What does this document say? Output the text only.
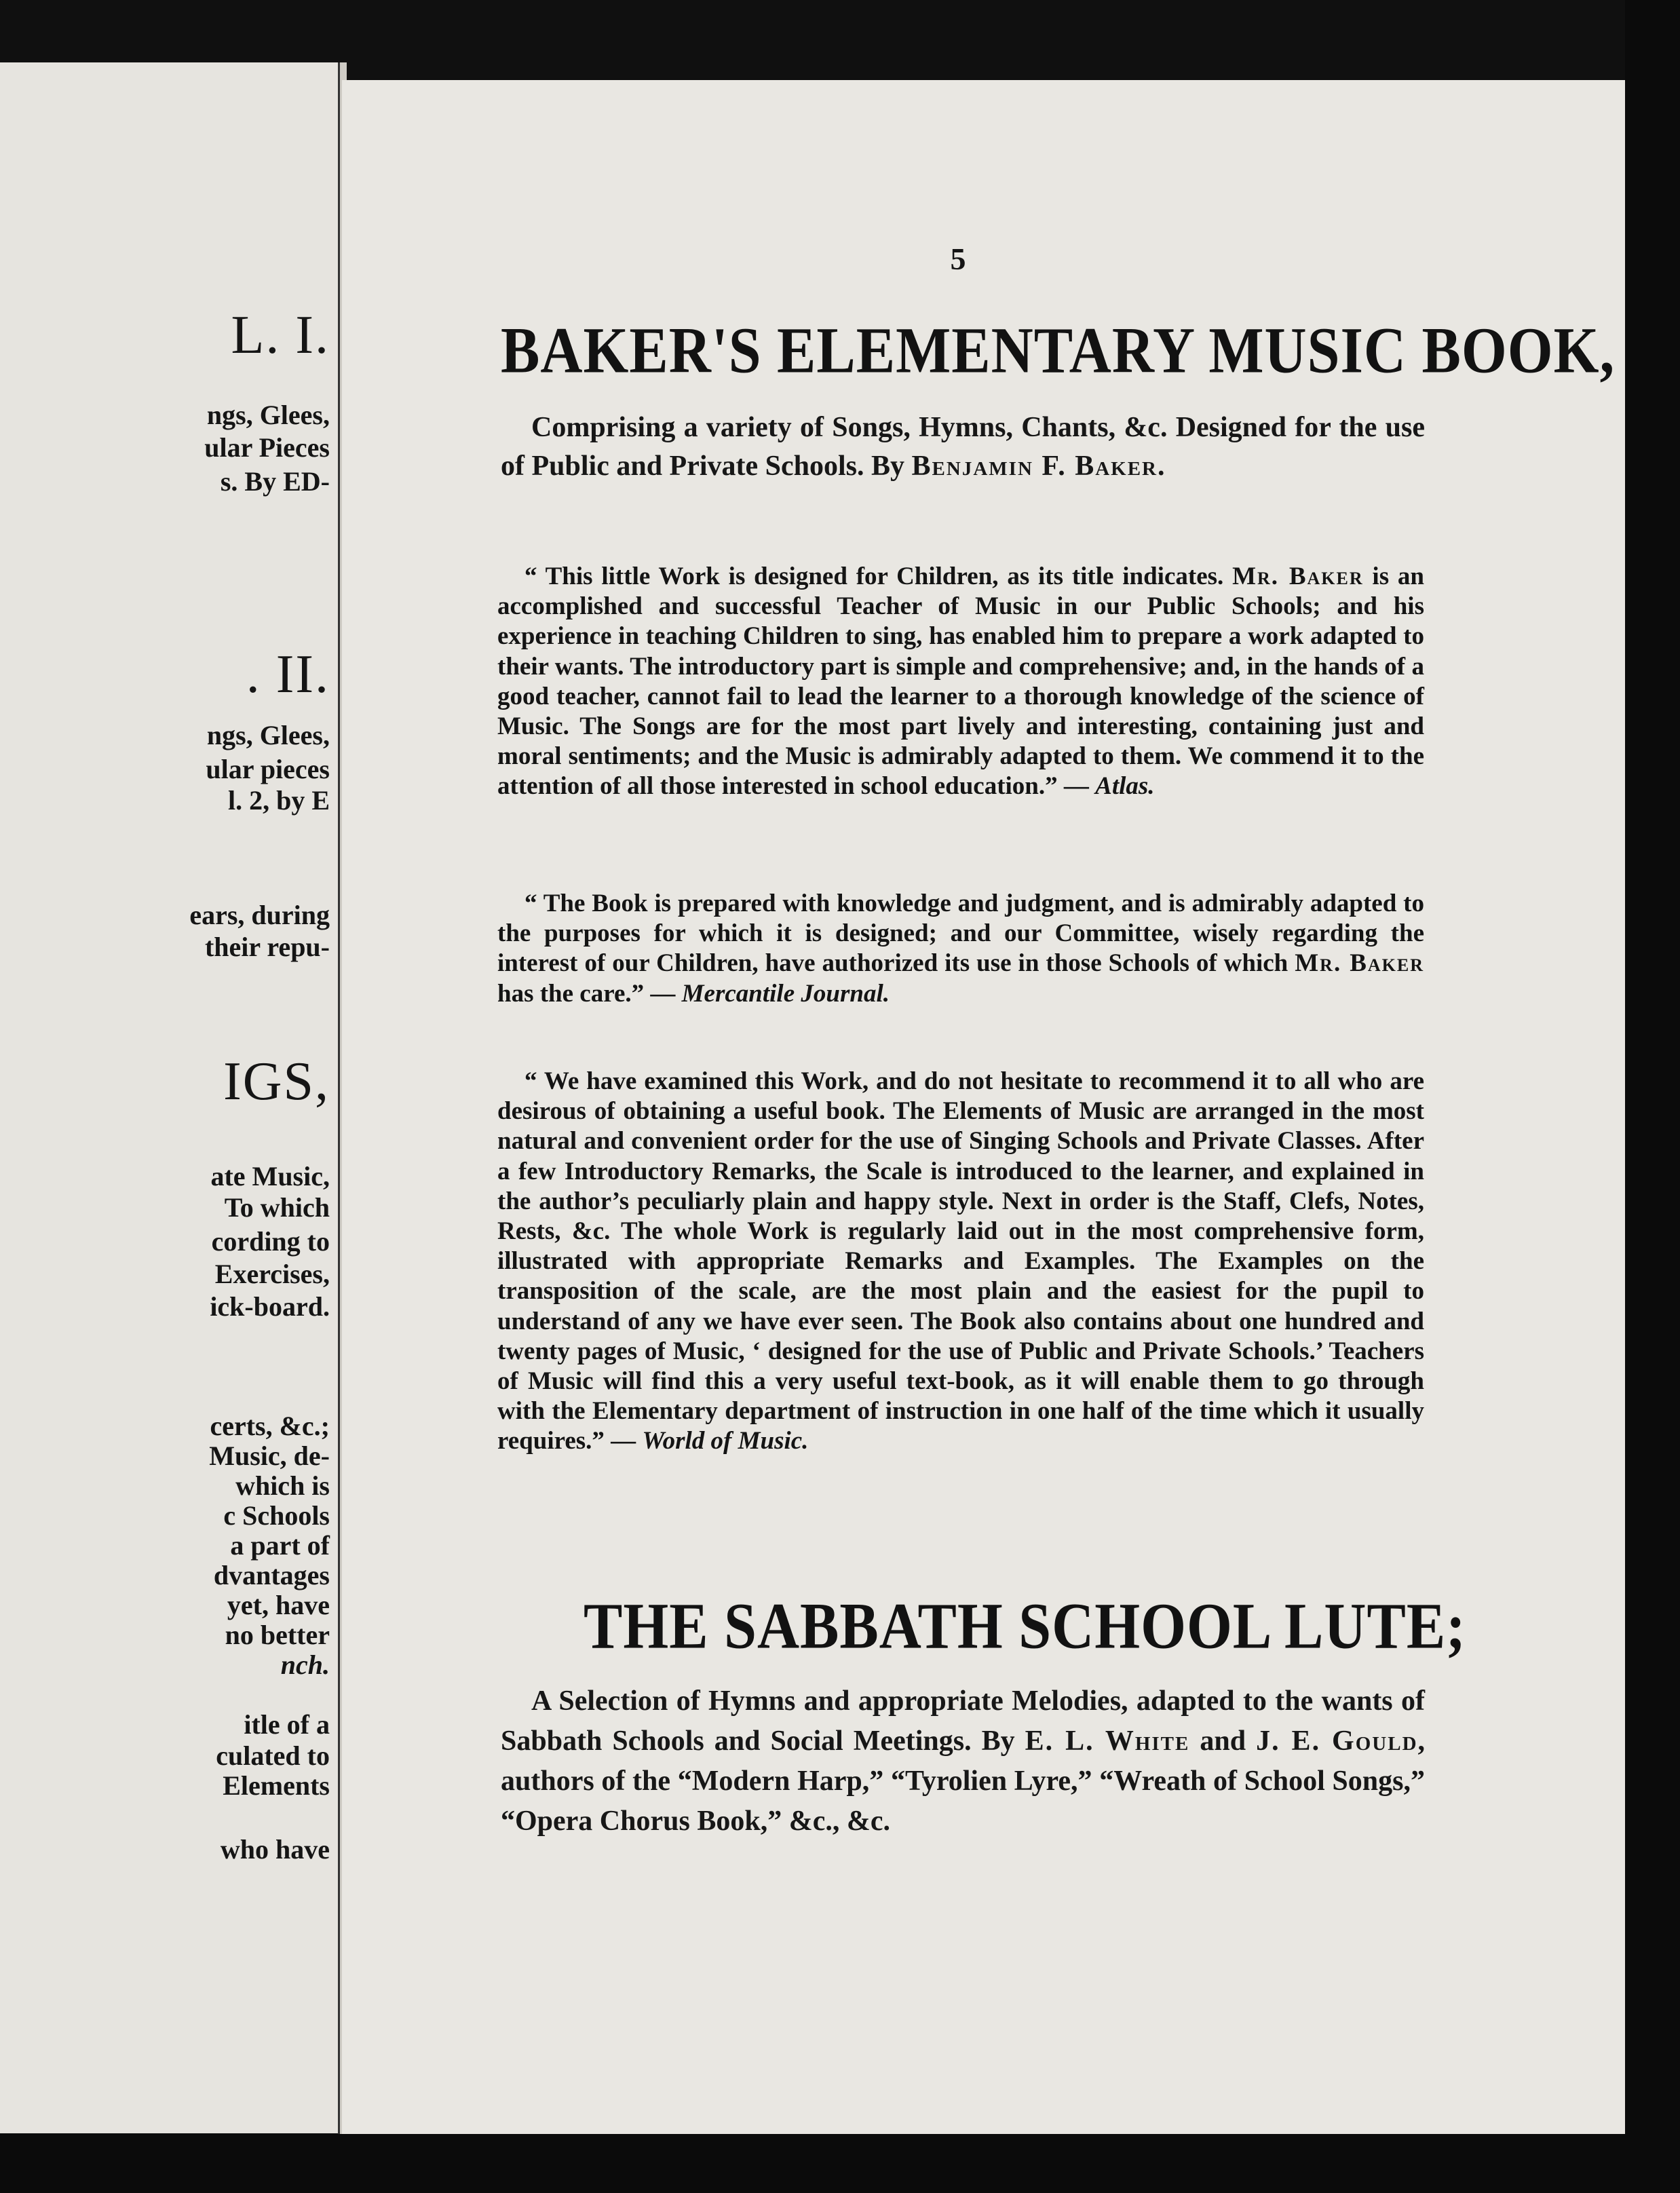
L. I.
ngs, Glees,
ular Pieces
s. By ED-
. II.
ngs, Glees,
ular pieces
l. 2, by E
ears, during
their repu-
IGS,
ate Music,
To which
cording to
Exercises,
ick-board.
certs, &c.;
Music, de-
which is
c Schools
a part of
dvantages
yet, have
no better
nch.
itle of a
culated to
Elements
who have
5
BAKER'S ELEMENTARY MUSIC BOOK,

Comprising a variety of Songs, Hymns, Chants, &c. Designed for the use of Public and Private Schools. By Benjamin F. Baker.

“ This little Work is designed for Children, as its title indicates. Mr. Baker is an accomplished and successful Teacher of Music in our Public Schools; and his experience in teaching Children to sing, has enabled him to prepare a work adapted to their wants. The introductory part is simple and comprehensive; and, in the hands of a good teacher, cannot fail to lead the learner to a thorough knowledge of the science of Music. The Songs are for the most part lively and interesting, containing just and moral sentiments; and the Music is admirably adapted to them. We commend it to the attention of all those interested in school education.” — Atlas.

“ The Book is prepared with knowledge and judgment, and is admirably adapted to the purposes for which it is designed; and our Committee, wisely regarding the interest of our Children, have authorized its use in those Schools of which Mr. Baker has the care.” — Mercantile Journal.

“ We have examined this Work, and do not hesitate to recommend it to all who are desirous of obtaining a useful book. The Elements of Music are arranged in the most natural and convenient order for the use of Singing Schools and Private Classes. After a few Introductory Remarks, the Scale is introduced to the learner, and explained in the author’s peculiarly plain and happy style. Next in order is the Staff, Clefs, Notes, Rests, &c. The whole Work is regularly laid out in the most comprehensive form, illustrated with appropriate Remarks and Examples. The Examples on the transposition of the scale, are the most plain and the easiest for the pupil to understand of any we have ever seen. The Book also contains about one hundred and twenty pages of Music, ‘ designed for the use of Public and Private Schools.’ Teachers of Music will find this a very useful text-book, as it will enable them to go through with the Elementary department of instruction in one half of the time which it usually requires.” — World of Music.

THE SABBATH SCHOOL LUTE;

A Selection of Hymns and appropriate Melodies, adapted to the wants of Sabbath Schools and Social Meetings. By E. L. White and J. E. Gould, authors of the “Modern Harp,” “Tyrolien Lyre,” “Wreath of School Songs,” “Opera Chorus Book,” &c., &c.
